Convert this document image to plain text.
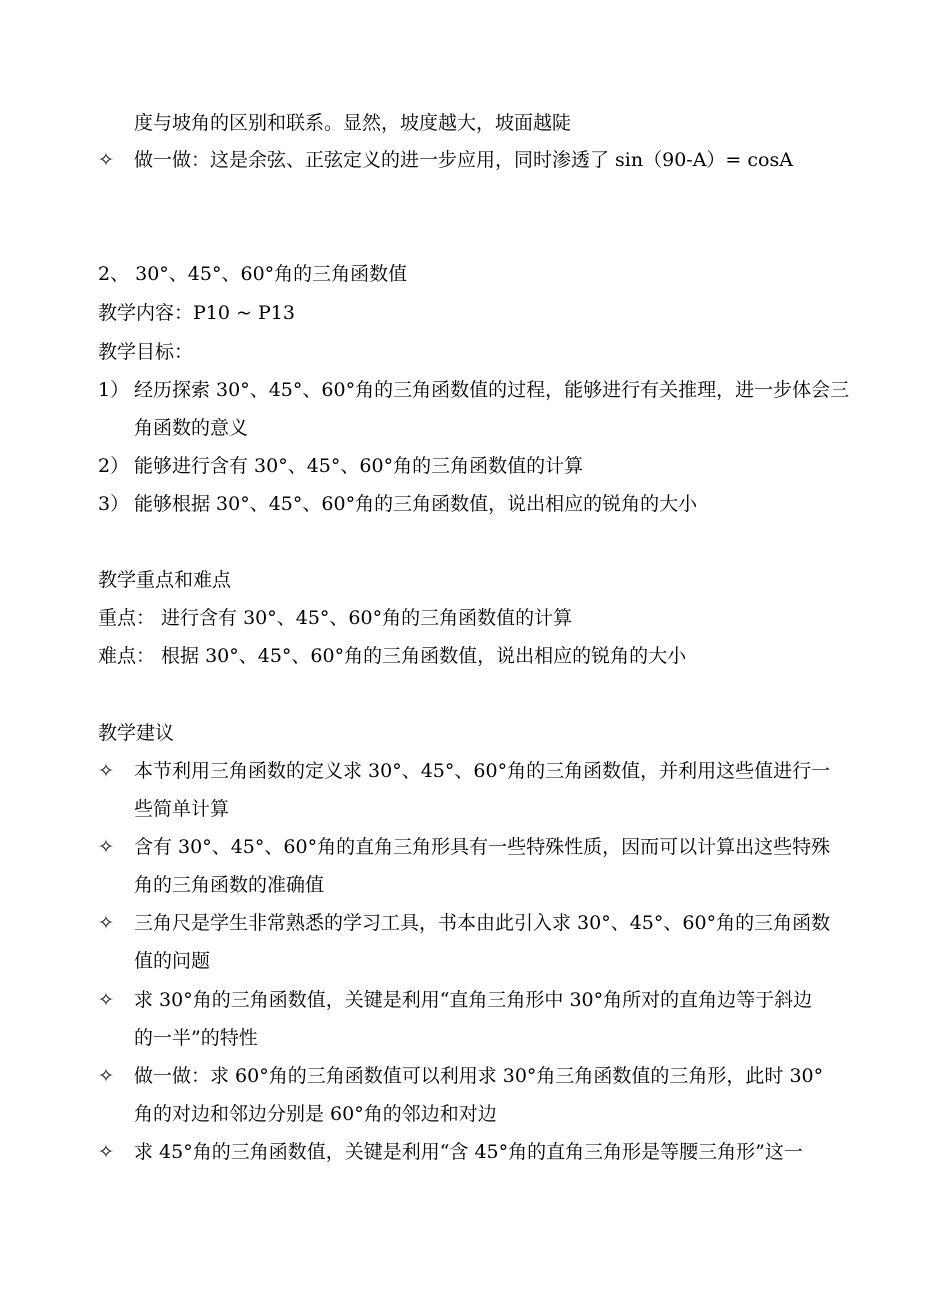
度与坡角的区别和联系。显然，坡度越大，坡面越陡
✧ 做一做：这是余弦、正弦定义的进一步应用，同时渗透了 sin（90-A）= cosA
2、 30°、45°、60°角的三角函数值
教学内容：P10 ~ P13
教学目标：
1） 经历探索 30°、45°、60°角的三角函数值的过程，能够进行有关推理，进一步体会三
角函数的意义
2） 能够进行含有 30°、45°、60°角的三角函数值的计算
3） 能够根据 30°、45°、60°角的三角函数值，说出相应的锐角的大小
教学重点和难点
重点： 进行含有 30°、45°、60°角的三角函数值的计算
难点： 根据 30°、45°、60°角的三角函数值，说出相应的锐角的大小
教学建议
✧ 本节利用三角函数的定义求 30°、45°、60°角的三角函数值，并利用这些值进行一
些简单计算
✧ 含有 30°、45°、60°角的直角三角形具有一些特殊性质，因而可以计算出这些特殊
角的三角函数的准确值
✧ 三角尺是学生非常熟悉的学习工具，书本由此引入求 30°、45°、60°角的三角函数
值的问题
✧ 求 30°角的三角函数值，关键是利用“直角三角形中 30°角所对的直角边等于斜边
的一半”的特性
✧ 做一做：求 60°角的三角函数值可以利用求 30°角三角函数值的三角形，此时 30°
角的对边和邻边分别是 60°角的邻边和对边
✧ 求 45°角的三角函数值，关键是利用“含 45°角的直角三角形是等腰三角形”这一
